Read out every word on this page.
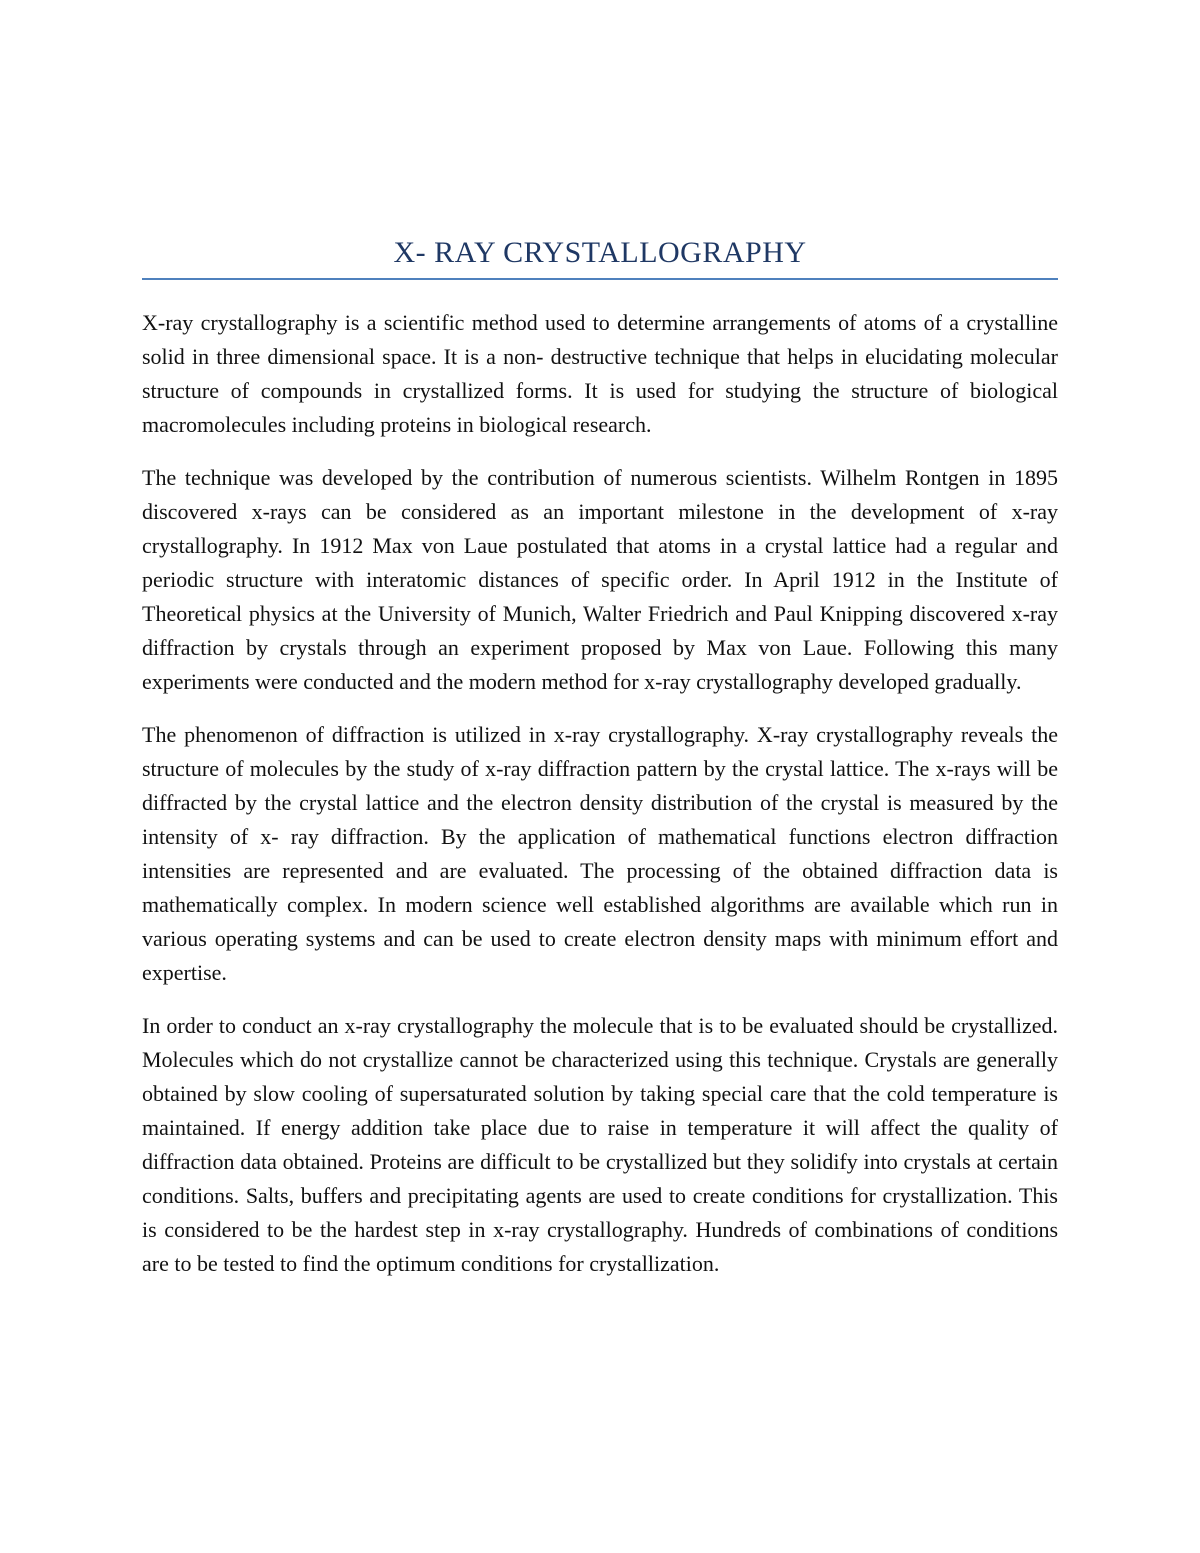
X- RAY CRYSTALLOGRAPHY

X-ray crystallography is a scientific method used to determine arrangements of atoms of a crystalline solid in three dimensional space. It is a non- destructive technique that helps in elucidating molecular structure of compounds in crystallized forms. It is used for studying the structure of biological macromolecules including proteins in biological research.

The technique was developed by the contribution of numerous scientists. Wilhelm Rontgen in 1895 discovered x-rays can be considered as an important milestone in the development of x-ray crystallography. In 1912 Max von Laue postulated that atoms in a crystal lattice had a regular and periodic structure with interatomic distances of specific order. In April 1912 in the Institute of Theoretical physics at the University of Munich, Walter Friedrich and Paul Knipping discovered x-ray diffraction by crystals through an experiment proposed by Max von Laue. Following this many experiments were conducted and the modern method for x-ray crystallography developed gradually.

The phenomenon of diffraction is utilized in x-ray crystallography. X-ray crystallography reveals the structure of molecules by the study of x-ray diffraction pattern by the crystal lattice. The x-rays will be diffracted by the crystal lattice and the electron density distribution of the crystal is measured by the intensity of x- ray diffraction. By the application of mathematical functions electron diffraction intensities are represented and are evaluated. The processing of the obtained diffraction data is mathematically complex. In modern science well established algorithms are available which run in various operating systems and can be used to create electron density maps with minimum effort and expertise.

In order to conduct an x-ray crystallography the molecule that is to be evaluated should be crystallized. Molecules which do not crystallize cannot be characterized using this technique. Crystals are generally obtained by slow cooling of supersaturated solution by taking special care that the cold temperature is maintained. If energy addition take place due to raise in temperature it will affect the quality of diffraction data obtained. Proteins are difficult to be crystallized but they solidify into crystals at certain conditions. Salts, buffers and precipitating agents are used to create conditions for crystallization. This is considered to be the hardest step in x-ray crystallography. Hundreds of combinations of conditions are to be tested to find the optimum conditions for crystallization.
